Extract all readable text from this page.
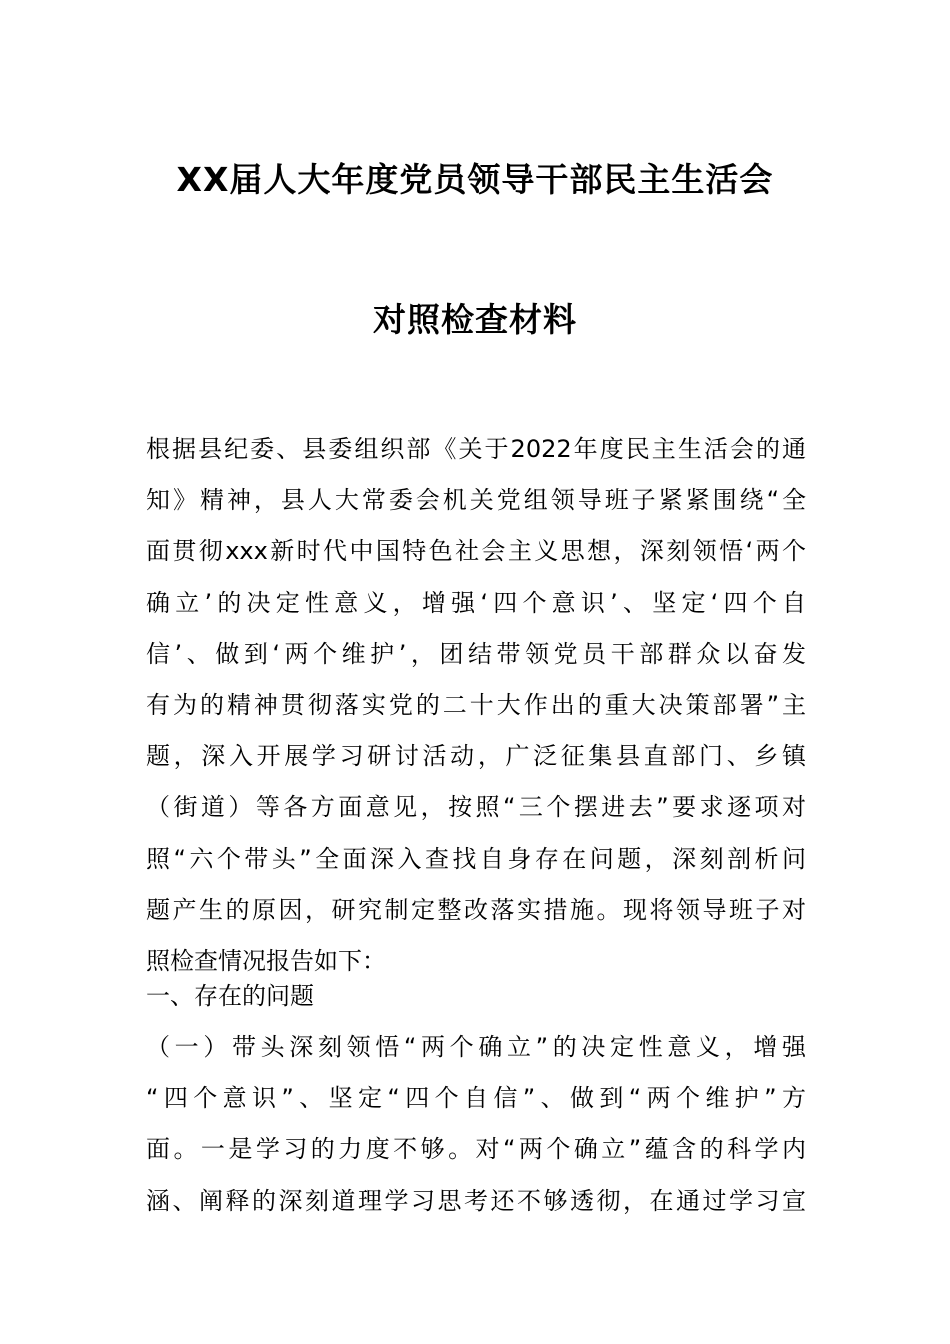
XX届人大年度党员领导干部民主生活会
对照检查材料
根据县纪委、县委组织部《关于2022年度民主生活会的通
知》精神，县人大常委会机关党组领导班子紧紧围绕“全
面贯彻xxx新时代中国特色社会主义思想，深刻领悟‘两个
确立’的决定性意义，增强‘四个意识’、坚定‘四个自
信’、做到‘两个维护’，团结带领党员干部群众以奋发
有为的精神贯彻落实党的二十大作出的重大决策部署”主
题，深入开展学习研讨活动，广泛征集县直部门、乡镇
（街道）等各方面意见，按照“三个摆进去”要求逐项对
照“六个带头”全面深入查找自身存在问题，深刻剖析问
题产生的原因，研究制定整改落实措施。现将领导班子对
照检查情况报告如下：
一、存在的问题
（一）带头深刻领悟“两个确立”的决定性意义，增强
“四个意识”、坚定“四个自信”、做到“两个维护”方
面。一是学习的力度不够。对“两个确立”蕴含的科学内
涵、阐释的深刻道理学习思考还不够透彻，在通过学习宣
